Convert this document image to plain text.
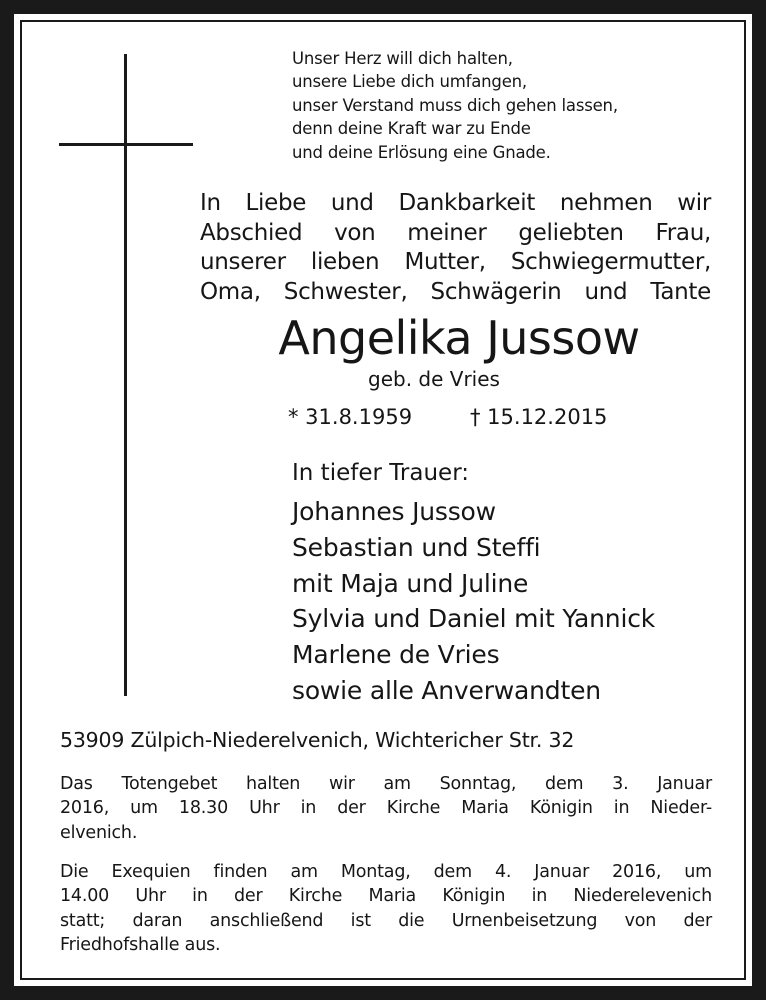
Unser Herz will dich halten,
unsere Liebe dich umfangen,
unser Verstand muss dich gehen lassen,
denn deine Kraft war zu Ende
und deine Erlösung eine Gnade.
In Liebe und Dankbarkeit nehmen wir
Abschied von meiner geliebten Frau,
unserer lieben Mutter, Schwiegermutter,
Oma, Schwester, Schwägerin und Tante
Angelika Jussow
geb. de Vries
* 31.8.1959	† 15.12.2015
In tiefer Trauer:
Johannes Jussow
Sebastian und Steffi
mit Maja und Juline
Sylvia und Daniel mit Yannick
Marlene de Vries
sowie alle Anverwandten
53909 Zülpich-Niederelvenich, Wichtericher Str. 32
Das Totengebet halten wir am Sonntag, dem 3. Januar
2016, um 18.30 Uhr in der Kirche Maria Königin in Nieder-
elvenich.
Die Exequien finden am Montag, dem 4. Januar 2016, um
14.00 Uhr in der Kirche Maria Königin in Niederelevenich
statt; daran anschließend ist die Urnenbeisetzung von der
Friedhofshalle aus.
